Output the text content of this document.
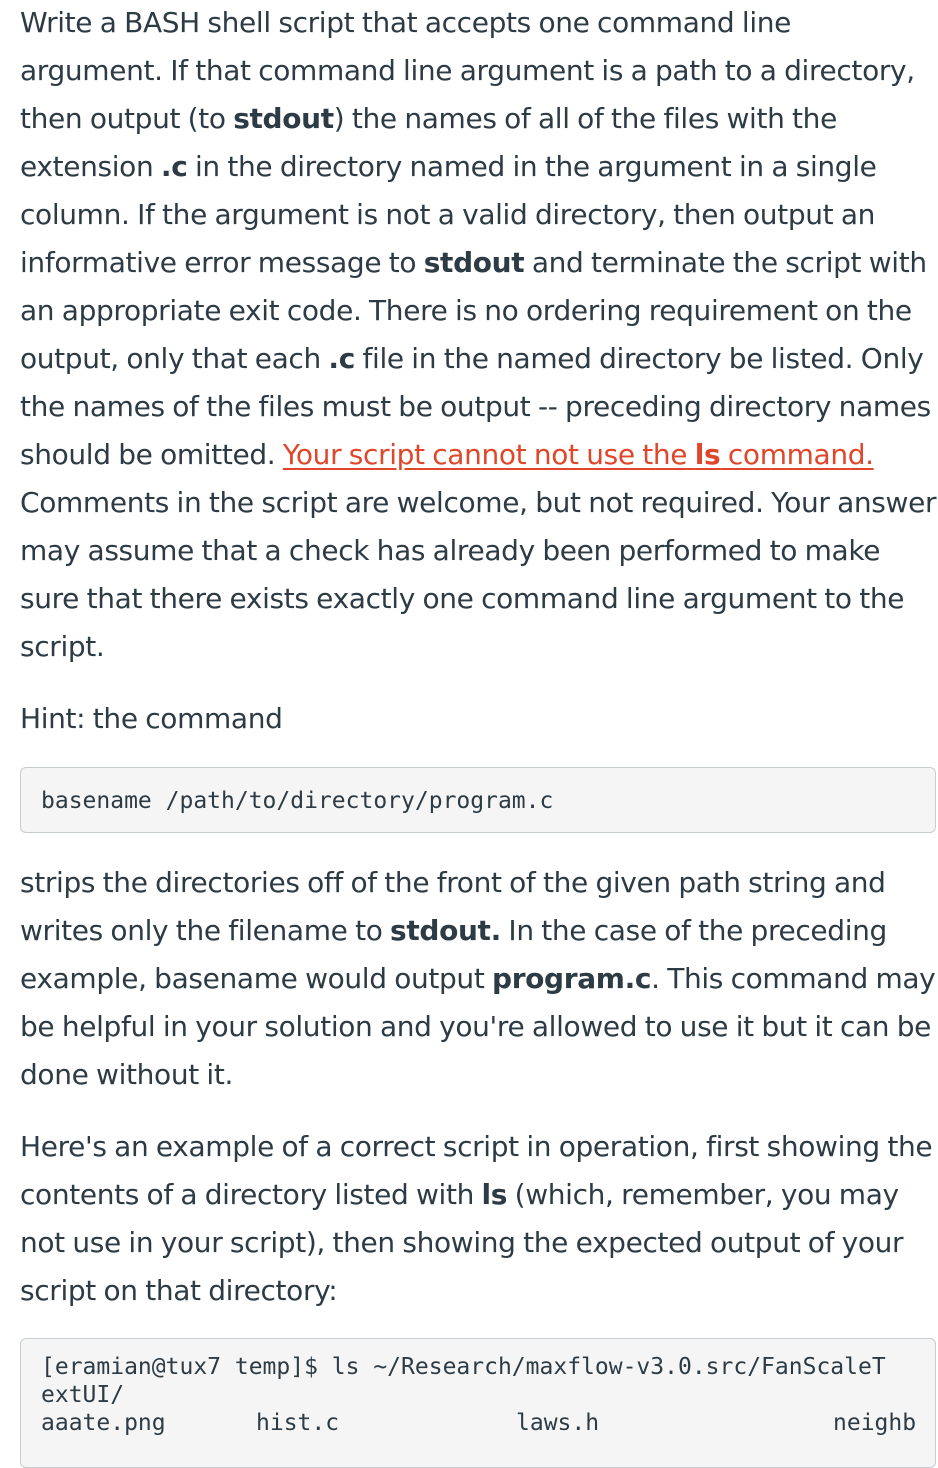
Write a BASH shell script that accepts one command line argument. If that command line argument is a path to a directory, then output (to stdout) the names of all of the files with the extension .c in the directory named in the argument in a single column. If the argument is not a valid directory, then output an informative error message to stdout and terminate the script with an appropriate exit code. There is no ordering requirement on the output, only that each .c file in the named directory be listed. Only the names of the files must be output -- preceding directory names should be omitted. Your script cannot not use the ls command. Comments in the script are welcome, but not required. Your answer may assume that a check has already been performed to make sure that there exists exactly one command line argument to the script.

Hint: the command

basename /path/to/directory/program.c

strips the directories off of the front of the given path string and writes only the filename to stdout. In the case of the preceding example, basename would output program.c. This command may be helpful in your solution and you're allowed to use it but it can be done without it.

Here's an example of a correct script in operation, first showing the contents of a directory listed with ls (which, remember, you may not use in your script), then showing the expected output of your script on that directory:

[eramian@tux7 temp]$ ls ~/Research/maxflow-v3.0.src/FanScaleT
extUI/
aaate.png	hist.c	laws.h	neighb
